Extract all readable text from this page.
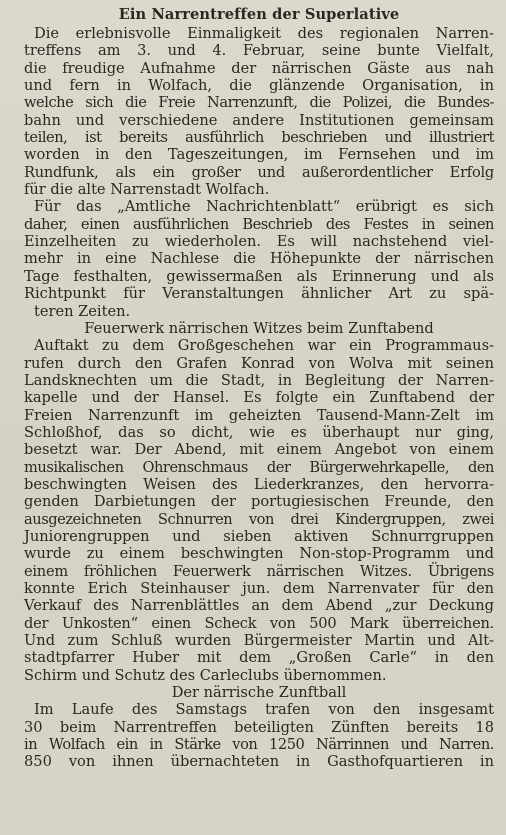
Ein Narrentreffen der Superlative
Die erlebnisvolle Einmaligkeit des regionalen Narren-
treffens am 3. und 4. Februar, seine bunte Vielfalt,
die freudige Aufnahme der närrischen Gäste aus nah
und fern in Wolfach, die glänzende Organisation, in
welche sich die Freie Narrenzunft, die Polizei, die Bundes-
bahn und verschiedene andere Institutionen gemeinsam
teilen, ist bereits ausführlich beschrieben und illustriert
worden in den Tageszeitungen, im Fernsehen und im
Rundfunk, als ein großer und außerordentlicher Erfolg
für die alte Narrenstadt Wolfach.
Für das „Amtliche Nachrichtenblatt“ erübrigt es sich
daher, einen ausführlichen Beschrieb des Festes in seinen
Einzelheiten zu wiederholen. Es will nachstehend viel-
mehr in eine Nachlese die Höhepunkte der närrischen
Tage festhalten, gewissermaßen als Erinnerung und als
Richtpunkt für Veranstaltungen ähnlicher Art zu spä-
teren Zeiten.
Feuerwerk närrischen Witzes beim Zunftabend
Auftakt zu dem Großgeschehen war ein Programmaus-
rufen durch den Grafen Konrad von Wolva mit seinen
Landsknechten um die Stadt, in Begleitung der Narren-
kapelle und der Hansel. Es folgte ein Zunftabend der
Freien Narrenzunft im geheizten Tausend-Mann-Zelt im
Schloßhof, das so dicht, wie es überhaupt nur ging,
besetzt war. Der Abend, mit einem Angebot von einem
musikalischen Ohrenschmaus der Bürgerwehrkapelle, den
beschwingten Weisen des Liederkranzes, den hervorra-
genden Darbietungen der portugiesischen Freunde, den
ausgezeichneten Schnurren von drei Kindergruppen, zwei
Juniorengruppen und sieben aktiven Schnurrgruppen
wurde zu einem beschwingten Non-stop-Programm und
einem fröhlichen Feuerwerk närrischen Witzes. Übrigens
konnte Erich Steinhauser jun. dem Narrenvater für den
Verkauf des Narrenblättles an dem Abend „zur Deckung
der Unkosten“ einen Scheck von 500 Mark überreichen.
Und zum Schluß wurden Bürgermeister Martin und Alt-
stadtpfarrer Huber mit dem „Großen Carle“ in den
Schirm und Schutz des Carleclubs übernommen.
Der närrische Zunftball
Im Laufe des Samstags trafen von den insgesamt
30 beim Narrentreffen beteiligten Zünften bereits 18
in Wolfach ein in Stärke von 1250 Närrinnen und Narren.
850 von ihnen übernachteten in Gasthofquartieren in
